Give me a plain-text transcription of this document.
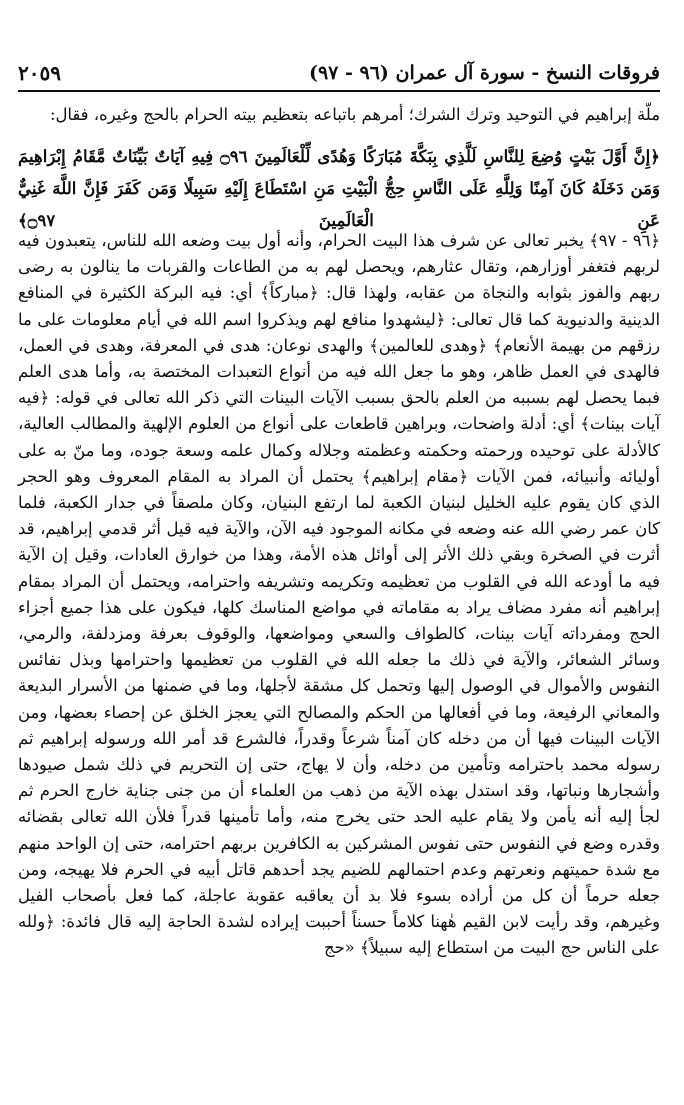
فروقات النسخ - سورة آل عمران (٩٦ - ٩٧)
٢٠٥٩
ملّة إبراهيم في التوحيد وترك الشرك؛ أمرهم باتباعه بتعظيم بيته الحرام بالحج وغيره، فقال:
﴿إِنَّ أَوَّلَ بَيْتٍ وُضِعَ لِلنَّاسِ لَلَّذِي بِبَكَّةَ مُبَارَكًا وَهُدًى لِّلْعَالَمِينَ ۝٩٦ فِيهِ آيَاتٌ بَيِّنَاتٌ مَّقَامُ إِبْرَاهِيمَ وَمَن دَخَلَهُ كَانَ آمِنًا وَلِلَّهِ عَلَى النَّاسِ حِجُّ الْبَيْتِ مَنِ اسْتَطَاعَ إِلَيْهِ سَبِيلًا وَمَن كَفَرَ فَإِنَّ اللَّهَ غَنِيٌّ عَنِ الْعَالَمِينَ ۝٩٧﴾
﴿٩٦ - ٩٧﴾ يخبر تعالى عن شرف هذا البيت الحرام، وأنه أول بيت وضعه الله للناس، يتعبدون فيه لربهم فتغفر أوزارهم، وتقال عثارهم، ويحصل لهم به من الطاعات والقربات ما ينالون به رضى ربهم والفوز بثوابه والنجاة من عقابه، ولهذا قال: ﴿مباركاً﴾ أي: فيه البركة الكثيرة في المنافع الدينية والدنيوية كما قال تعالى: ﴿ليشهدوا منافع لهم ويذكروا اسم الله في أيام معلومات على ما رزقهم من بهيمة الأنعام﴾ ﴿وهدى للعالمين﴾ والهدى نوعان: هدى في المعرفة، وهدى في العمل، فالهدى في العمل ظاهر، وهو ما جعل الله فيه من أنواع التعبدات المختصة به، وأما هدى العلم فبما يحصل لهم بسببه من العلم بالحق بسبب الآيات البينات التي ذكر الله تعالى في قوله: ﴿فيه آيات بينات﴾ أي: أدلة واضحات، وبراهين قاطعات على أنواع من العلوم الإلهية والمطالب العالية، كالأدلة على توحيده ورحمته وحكمته وعظمته وجلاله وكمال علمه وسعة جوده، وما منّ به على أوليائه وأنبيائه، فمن الآيات ﴿مقام إبراهيم﴾ يحتمل أن المراد به المقام المعروف وهو الحجر الذي كان يقوم عليه الخليل لبنيان الكعبة لما ارتفع البنيان، وكان ملصقاً في جدار الكعبة، فلما كان عمر رضي الله عنه وضعه في مكانه الموجود فيه الآن، والآية فيه قيل أثر قدمي إبراهيم، قد أثرت في الصخرة وبقي ذلك الأثر إلى أوائل هذه الأمة، وهذا من خوارق العادات، وقيل إن الآية فيه ما أودعه الله في القلوب من تعظيمه وتكريمه وتشريفه واحترامه، ويحتمل أن المراد بمقام إبراهيم أنه مفرد مضاف يراد به مقاماته في مواضع المناسك كلها، فيكون على هذا جميع أجزاء الحج ومفرداته آيات بينات، كالطواف والسعي ومواضعها، والوقوف بعرفة ومزدلفة، والرمي، وسائر الشعائر، والآية في ذلك ما جعله الله في القلوب من تعظيمها واحترامها وبذل نفائس النفوس والأموال في الوصول إليها وتحمل كل مشقة لأجلها، وما في ضمنها من الأسرار البديعة والمعاني الرفيعة، وما في أفعالها من الحكم والمصالح التي يعجز الخلق عن إحصاء بعضها، ومن الآيات البينات فيها أن من دخله كان آمناً شرعاً وقدراً، فالشرع قد أمر الله ورسوله إبراهيم ثم رسوله محمد باحترامه وتأمين من دخله، وأن لا يهاج، حتى إن التحريم في ذلك شمل صيودها وأشجارها ونباتها، وقد استدل بهذه الآية من ذهب من العلماء أن من جنى جناية خارج الحرم ثم لجأ إليه أنه يأمن ولا يقام عليه الحد حتى يخرج منه، وأما تأمينها قدراً فلأن الله تعالى بقضائه وقدره وضع في النفوس حتى نفوس المشركين به الكافرين بربهم احترامه، حتى إن الواحد منهم مع شدة حميتهم ونعرتهم وعدم احتمالهم للضيم يجد أحدهم قاتل أبيه في الحرم فلا يهيجه، ومن جعله حرماً أن كل من أراده بسوء فلا بد أن يعاقبه عقوبة عاجلة، كما فعل بأصحاب الفيل وغيرهم، وقد رأيت لابن القيم هٰهنا كلاماً حسناً أحببت إيراده لشدة الحاجة إليه قال فائدة: ﴿ولله على الناس حج البيت من استطاع إليه سبيلاً﴾ «حج
